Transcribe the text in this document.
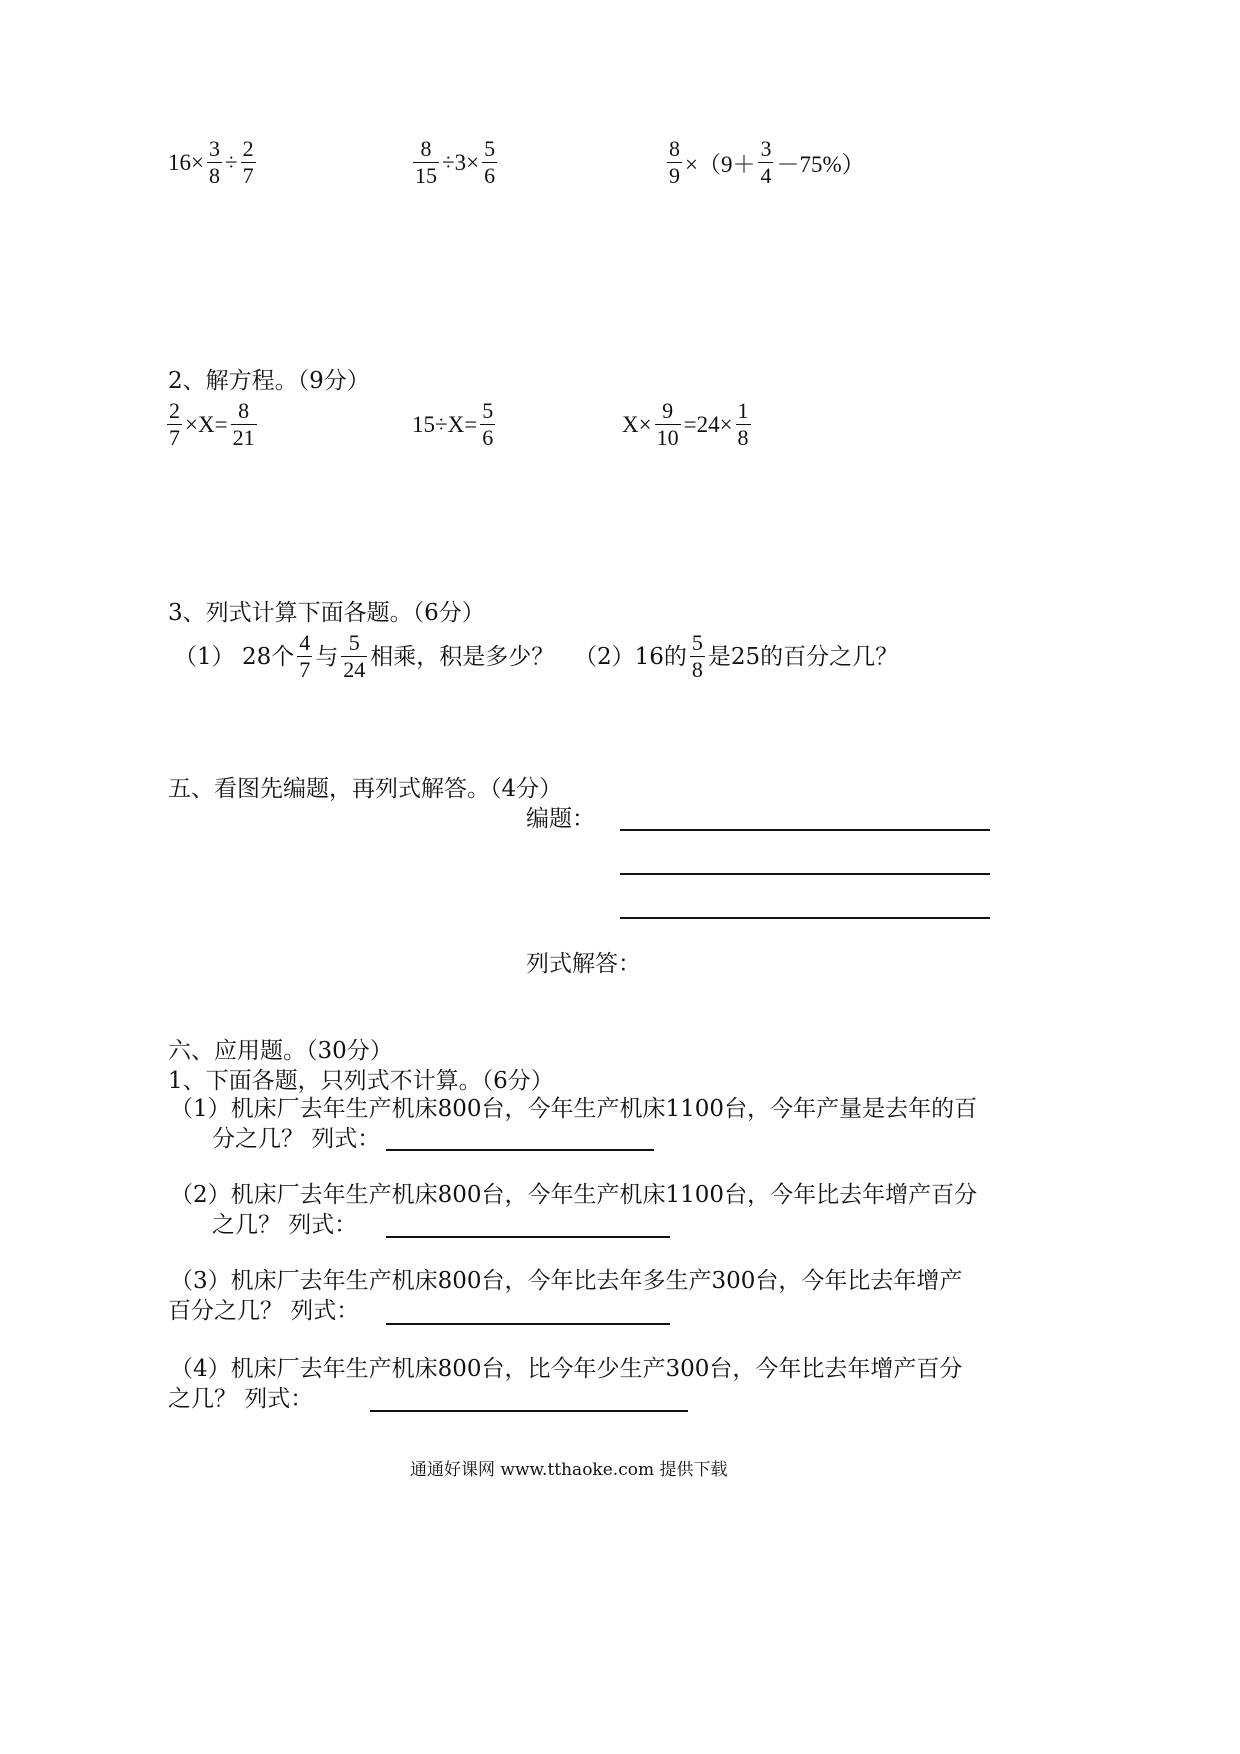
$16\times \frac{3}{8} \div \frac{2}{7}$	$\frac{8}{15} \div 3\times \frac{5}{6}$	$\frac{8}{9} \times(9+ \frac{3}{4} -75\%)$
2、解方程。（9分）
$\frac{2}{7} \times X= \frac{8}{21}$	$15\div X= \frac{5}{6}$	$X\times \frac{9}{10} =24\times \frac{1}{8}$
3、列式计算下面各题。（6分）
（1） 28个 $\frac{4}{7}$ 与 $\frac{5}{24}$ 相乘，积是多少？ （2）16的 $\frac{5}{8}$ 是25的百分之几？
五、看图先编题，再列式解答。（4分）
编题：
列式解答：
六、应用题。（30分）
1、下面各题，只列式不计算。（6分）
（1）机床厂去年生产机床800台，今年生产机床1100台，今年产量是去年的百
分之几？ 列式：
（2）机床厂去年生产机床800台，今年生产机床1100台，今年比去年增产百分
之几？ 列式：
（3）机床厂去年生产机床800台，今年比去年多生产300台，今年比去年增产
百分之几？ 列式：
（4）机床厂去年生产机床800台，比今年少生产300台，今年比去年增产百分
之几？ 列式：
通通好课网 www.tthaoke.com 提供下载
